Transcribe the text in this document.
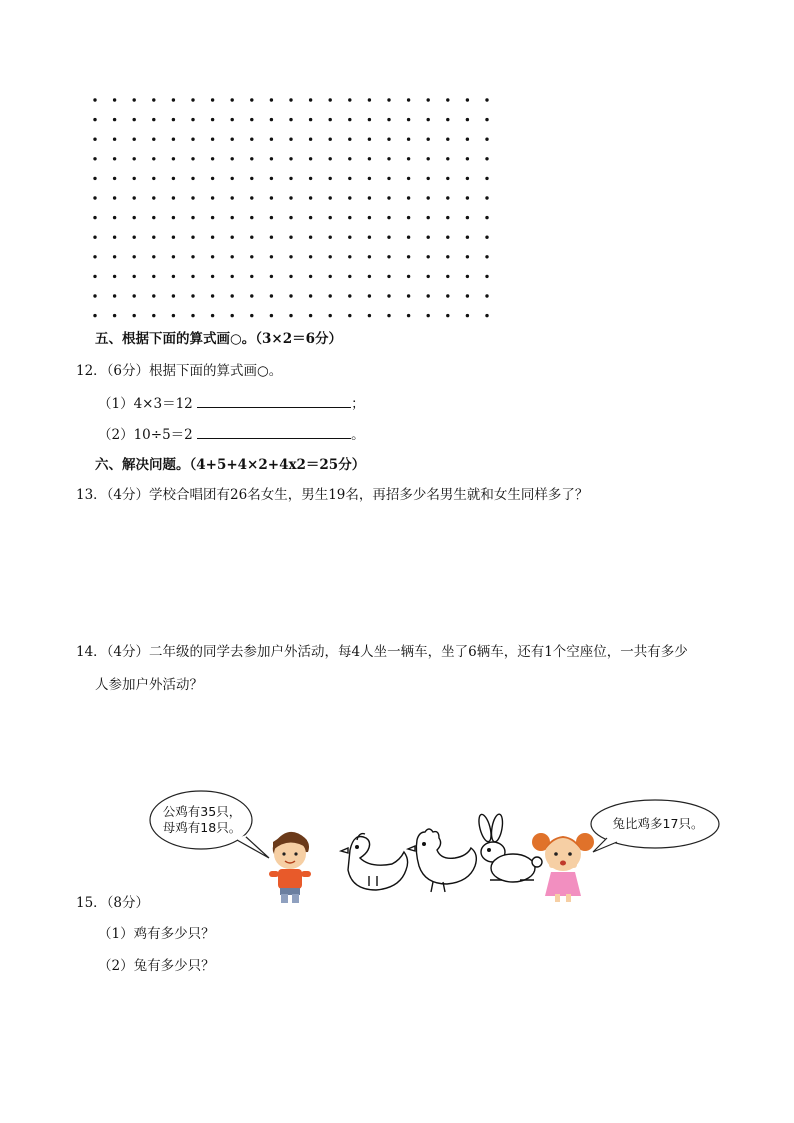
五、根据下面的算式画○。（3×2＝6分）
12．（6分）根据下面的算式画○。
（1）4×3＝12	；
（2）10÷5＝2	。
六、解决问题。（4+5+4×2+4x2＝25分）
13．（4分）学校合唱团有26名女生，男生19名，再招多少名男生就和女生同样多了？
14．（4分）二年级的同学去参加户外活动，每4人坐一辆车，坐了6辆车，还有1个空座位，一共有多少
人参加户外活动？
公鸡有35只，
母鸡有18只。	兔比鸡多17只。
15．（8分）
（1）鸡有多少只？
（2）兔有多少只？
